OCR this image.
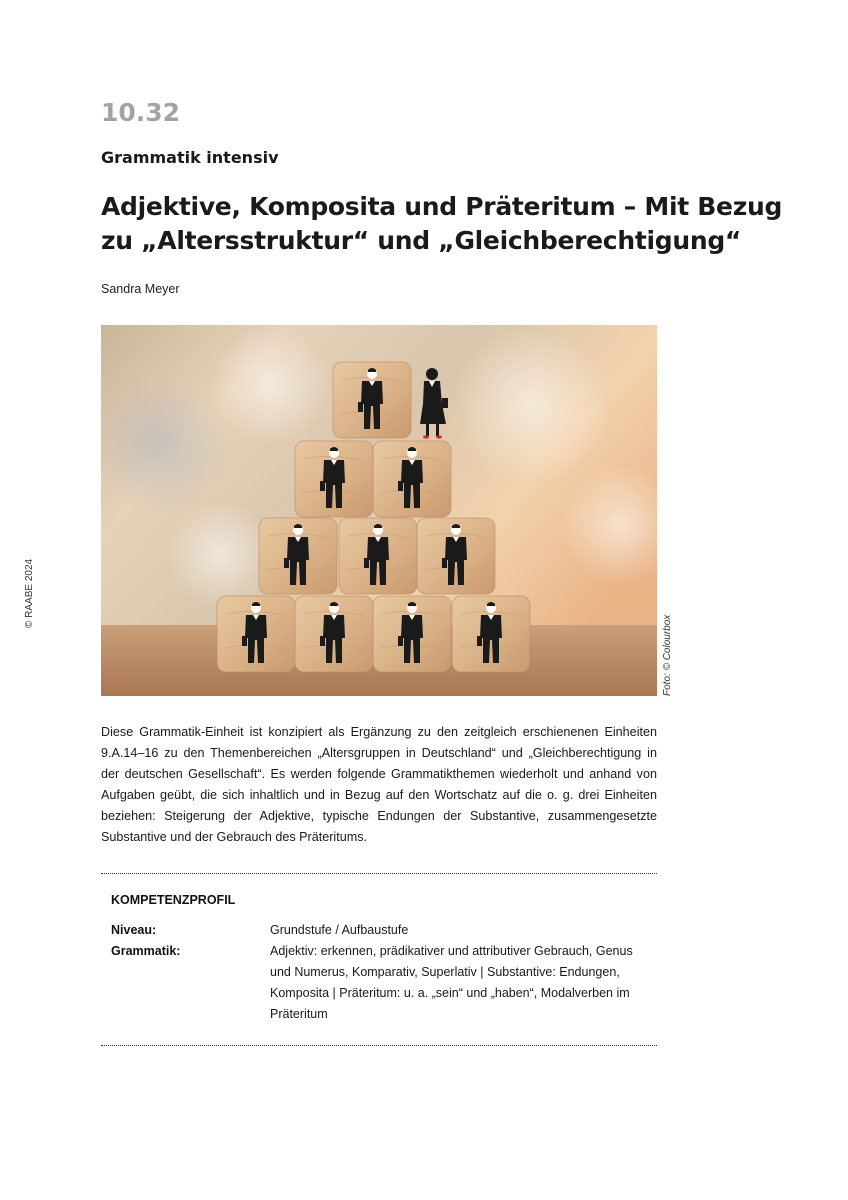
10.32
Grammatik intensiv
Adjektive, Komposita und Präteritum – Mit Bezug
zu „Altersstruktur“ und „Gleichberechtigung“
Sandra Meyer
© RAABE 2024
Foto: © Colourbox
Diese Grammatik-Einheit ist konzipiert als Ergänzung zu den zeitgleich erschienenen Einheiten 9.A.14–16 zu den Themenbereichen „Altersgruppen in Deutschland“ und „Gleichberechtigung in der deutschen Gesellschaft“. Es werden folgende Grammatikthemen wiederholt und anhand von Aufgaben geübt, die sich inhaltlich und in Bezug auf den Wortschatz auf die o. g. drei Einheiten beziehen: Steigerung der Adjektive, typische Endungen der Substantive, zusammengesetzte Substantive und der Gebrauch des Präteritums.
KOMPETENZPROFIL
Niveau:	Grundstufe / Aufbaustufe
Grammatik:	Adjektiv: erkennen, prädikativer und attributiver Gebrauch, Genus und Numerus, Komparativ, Superlativ | Substantive: Endungen, Komposita | Präteritum: u. a. „sein“ und „haben“, Modalverben im Präteritum
